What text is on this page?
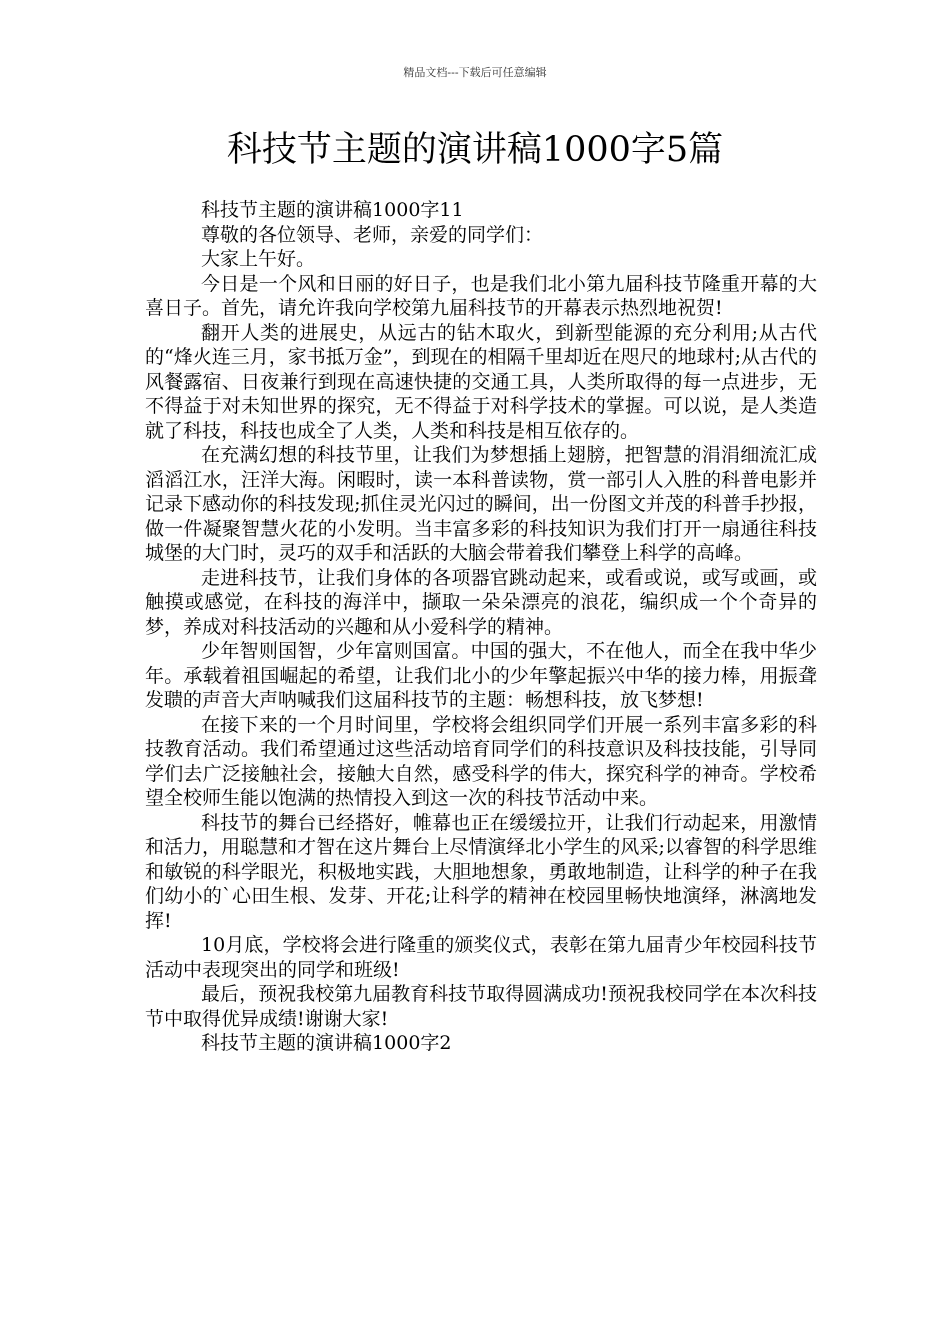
精品文档---下载后可任意编辑
科技节主题的演讲稿1000字5篇

科技节主题的演讲稿1000字11

尊敬的各位领导、老师，亲爱的同学们：

大家上午好。

今日是一个风和日丽的好日子，也是我们北小第九届科技节隆重开幕的大喜日子。首先，请允许我向学校第九届科技节的开幕表示热烈地祝贺!

翻开人类的进展史，从远古的钻木取火，到新型能源的充分利用;从古代的“烽火连三月，家书抵万金”，到现在的相隔千里却近在咫尺的地球村;从古代的风餐露宿、日夜兼行到现在高速快捷的交通工具，人类所取得的每一点进步，无不得益于对未知世界的探究，无不得益于对科学技术的掌握。可以说，是人类造就了科技，科技也成全了人类，人类和科技是相互依存的。

在充满幻想的科技节里，让我们为梦想插上翅膀，把智慧的涓涓细流汇成滔滔江水，汪洋大海。闲暇时，读一本科普读物，赏一部引人入胜的科普电影并记录下感动你的科技发现;抓住灵光闪过的瞬间，出一份图文并茂的科普手抄报，做一件凝聚智慧火花的小发明。当丰富多彩的科技知识为我们打开一扇通往科技城堡的大门时，灵巧的双手和活跃的大脑会带着我们攀登上科学的高峰。

走进科技节，让我们身体的各项器官跳动起来，或看或说，或写或画，或触摸或感觉，在科技的海洋中，撷取一朵朵漂亮的浪花，编织成一个个奇异的梦，养成对科技活动的兴趣和从小爱科学的精神。

少年智则国智，少年富则国富。中国的强大，不在他人，而全在我中华少年。承载着祖国崛起的希望，让我们北小的少年擎起振兴中华的接力棒，用振聋发聩的声音大声呐喊我们这届科技节的主题：畅想科技，放飞梦想!

在接下来的一个月时间里，学校将会组织同学们开展一系列丰富多彩的科技教育活动。我们希望通过这些活动培育同学们的科技意识及科技技能，引导同学们去广泛接触社会，接触大自然，感受科学的伟大，探究科学的神奇。学校希望全校师生能以饱满的热情投入到这一次的科技节活动中来。

科技节的舞台已经搭好，帷幕也正在缓缓拉开，让我们行动起来，用激情和活力，用聪慧和才智在这片舞台上尽情演绎北小学生的风采;以睿智的科学思维和敏锐的科学眼光，积极地实践，大胆地想象，勇敢地制造，让科学的种子在我们幼小的`心田生根、发芽、开花;让科学的精神在校园里畅快地演绎，淋漓地发挥!

10月底，学校将会进行隆重的颁奖仪式，表彰在第九届青少年校园科技节活动中表现突出的同学和班级!

最后，预祝我校第九届教育科技节取得圆满成功!预祝我校同学在本次科技节中取得优异成绩!谢谢大家!

科技节主题的演讲稿1000字2
